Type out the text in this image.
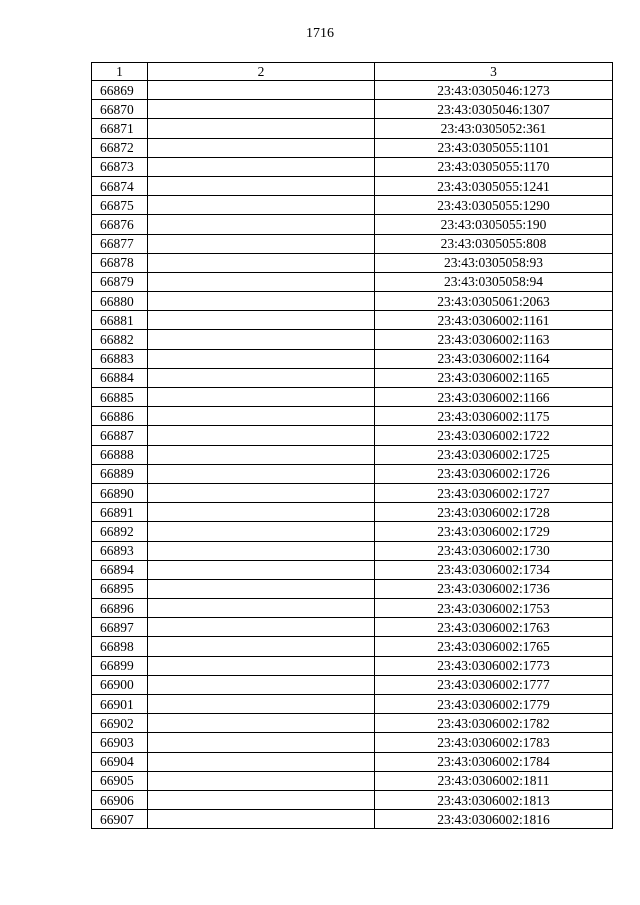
1716
1	2	3
66869		23:43:0305046:1273
66870		23:43:0305046:1307
66871		23:43:0305052:361
66872		23:43:0305055:1101
66873		23:43:0305055:1170
66874		23:43:0305055:1241
66875		23:43:0305055:1290
66876		23:43:0305055:190
66877		23:43:0305055:808
66878		23:43:0305058:93
66879		23:43:0305058:94
66880		23:43:0305061:2063
66881		23:43:0306002:1161
66882		23:43:0306002:1163
66883		23:43:0306002:1164
66884		23:43:0306002:1165
66885		23:43:0306002:1166
66886		23:43:0306002:1175
66887		23:43:0306002:1722
66888		23:43:0306002:1725
66889		23:43:0306002:1726
66890		23:43:0306002:1727
66891		23:43:0306002:1728
66892		23:43:0306002:1729
66893		23:43:0306002:1730
66894		23:43:0306002:1734
66895		23:43:0306002:1736
66896		23:43:0306002:1753
66897		23:43:0306002:1763
66898		23:43:0306002:1765
66899		23:43:0306002:1773
66900		23:43:0306002:1777
66901		23:43:0306002:1779
66902		23:43:0306002:1782
66903		23:43:0306002:1783
66904		23:43:0306002:1784
66905		23:43:0306002:1811
66906		23:43:0306002:1813
66907		23:43:0306002:1816
